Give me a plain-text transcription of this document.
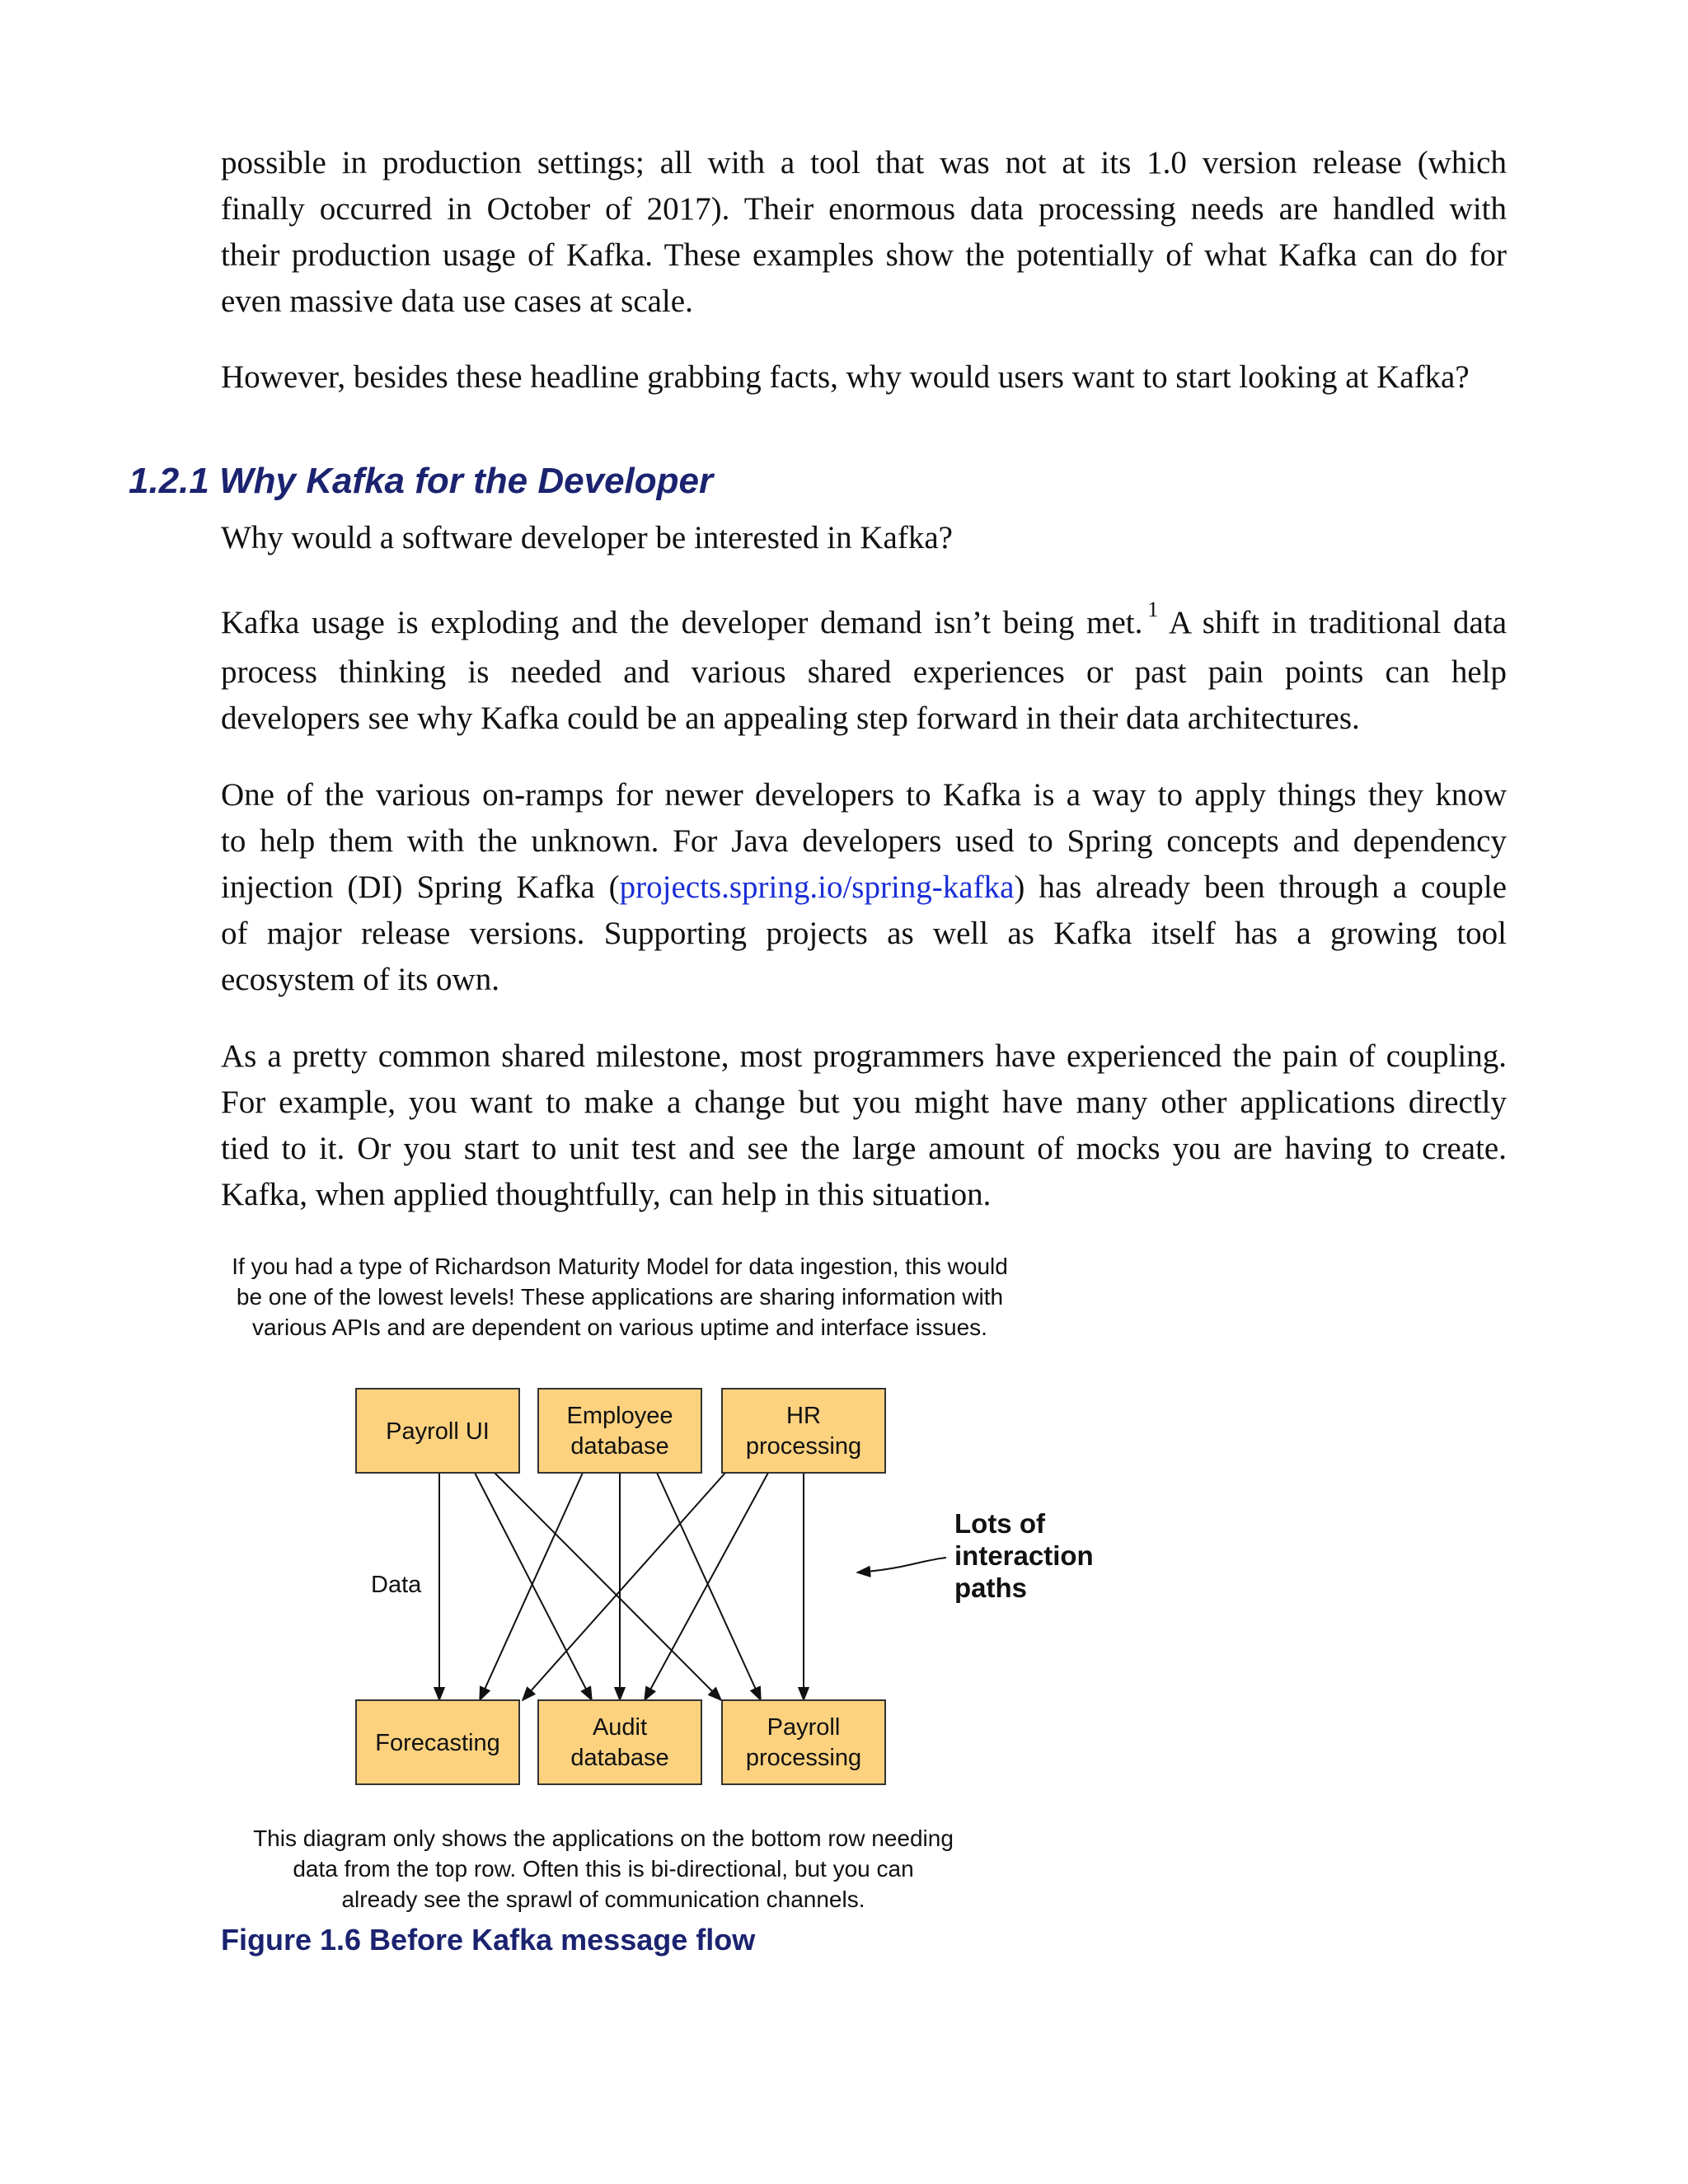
possible in production settings; all with a tool that was not at its 1.0 version release (which
finally occurred in October of 2017). Their enormous data processing needs are handled with
their production usage of Kafka. These examples show the potentially of what Kafka can do for
even massive data use cases at scale.
However, besides these headline grabbing facts, why would users want to start looking at Kafka?
1.2.1 Why Kafka for the Developer
Why would a software developer be interested in Kafka?
Kafka usage is exploding and the developer demand isn’t being met. $^1$ A shift in traditional data
process thinking is needed and various shared experiences or past pain points can help
developers see why Kafka could be an appealing step forward in their data architectures.
One of the various on-ramps for newer developers to Kafka is a way to apply things they know
to help them with the unknown. For Java developers used to Spring concepts and dependency
injection (DI) Spring Kafka (projects.spring.io/spring-kafka) has already been through a couple
of major release versions. Supporting projects as well as Kafka itself has a growing tool
ecosystem of its own.
As a pretty common shared milestone, most programmers have experienced the pain of coupling.
For example, you want to make a change but you might have many other applications directly
tied to it. Or you start to unit test and see the large amount of mocks you are having to create.
Kafka, when applied thoughtfully, can help in this situation.
If you had a type of Richardson Maturity Model for data ingestion, this would
be one of the lowest levels! These applications are sharing information with
various APIs and are dependent on various uptime and interface issues.
Payroll UI
Employee
database
HR
processing
Forecasting
Audit
database
Payroll
processing
Data
Lots of
interaction
paths
This diagram only shows the applications on the bottom row needing
data from the top row. Often this is bi-directional, but you can
already see the sprawl of communication channels.

Figure 1.6 Before Kafka message flow
